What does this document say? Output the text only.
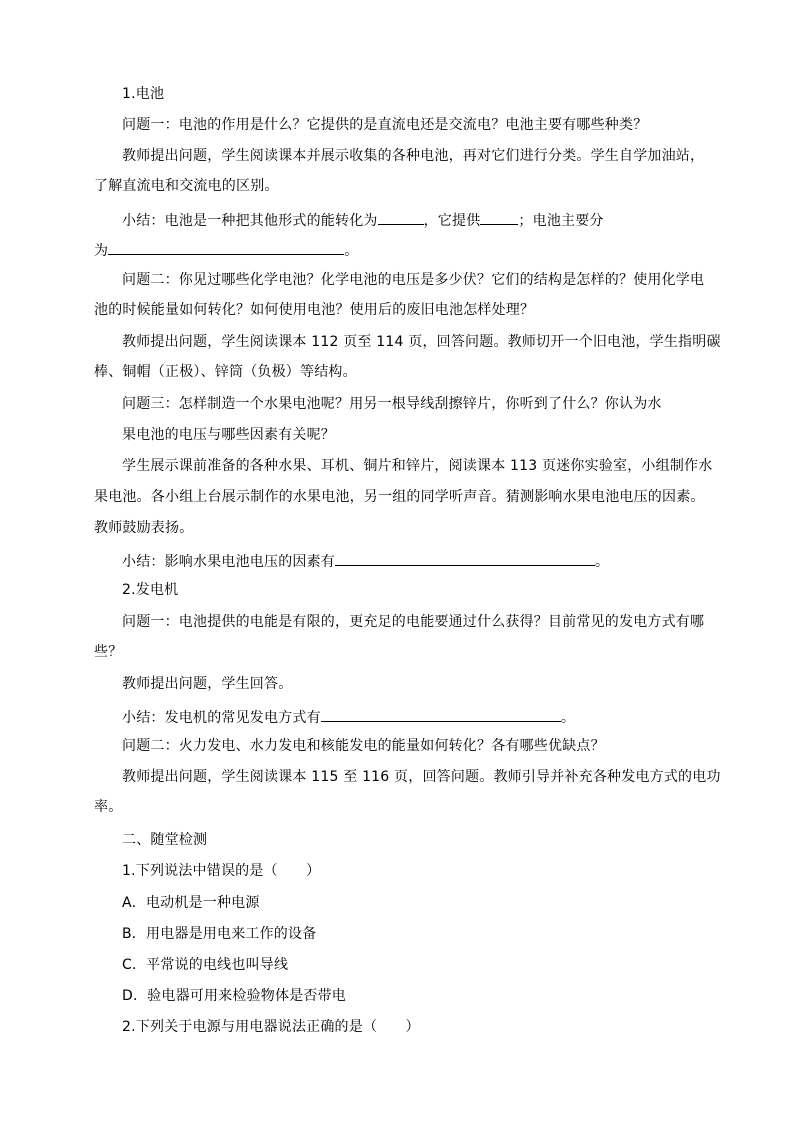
1.电池
问题一：电池的作用是什么？它提供的是直流电还是交流电？电池主要有哪些种类？
教师提出问题，学生阅读课本并展示收集的各种电池，再对它们进行分类。学生自学加油站，
了解直流电和交流电的区别。
小结：电池是一种把其他形式的能转化为	，它提供	；电池主要分
为	。
问题二：你见过哪些化学电池？化学电池的电压是多少伏？它们的结构是怎样的？使用化学电
池的时候能量如何转化？如何使用电池？使用后的废旧电池怎样处理？
教师提出问题，学生阅读课本 112 页至 114 页，回答问题。教师切开一个旧电池，学生指明碳
棒、铜帽（正极）、锌筒（负极）等结构。
问题三：怎样制造一个水果电池呢？用另一根导线刮擦锌片，你听到了什么？你认为水
果电池的电压与哪些因素有关呢？
学生展示课前准备的各种水果、耳机、铜片和锌片，阅读课本 113 页迷你实验室，小组制作水
果电池。各小组上台展示制作的水果电池，另一组的同学听声音。猜测影响水果电池电压的因素。
教师鼓励表扬。
小结：影响水果电池电压的因素有	。
2.发电机
问题一：电池提供的电能是有限的，更充足的电能要通过什么获得？目前常见的发电方式有哪
些？
教师提出问题，学生回答。
小结：发电机的常见发电方式有	。
问题二：火力发电、水力发电和核能发电的能量如何转化？各有哪些优缺点？
教师提出问题，学生阅读课本 115 至 116 页，回答问题。教师引导并补充各种发电方式的电功
率。
二、随堂检测
1.下列说法中错误的是（　　）
A．电动机是一种电源
B．用电器是用电来工作的设备
C．平常说的电线也叫导线
D．验电器可用来检验物体是否带电
2.下列关于电源与用电器说法正确的是（　　）
